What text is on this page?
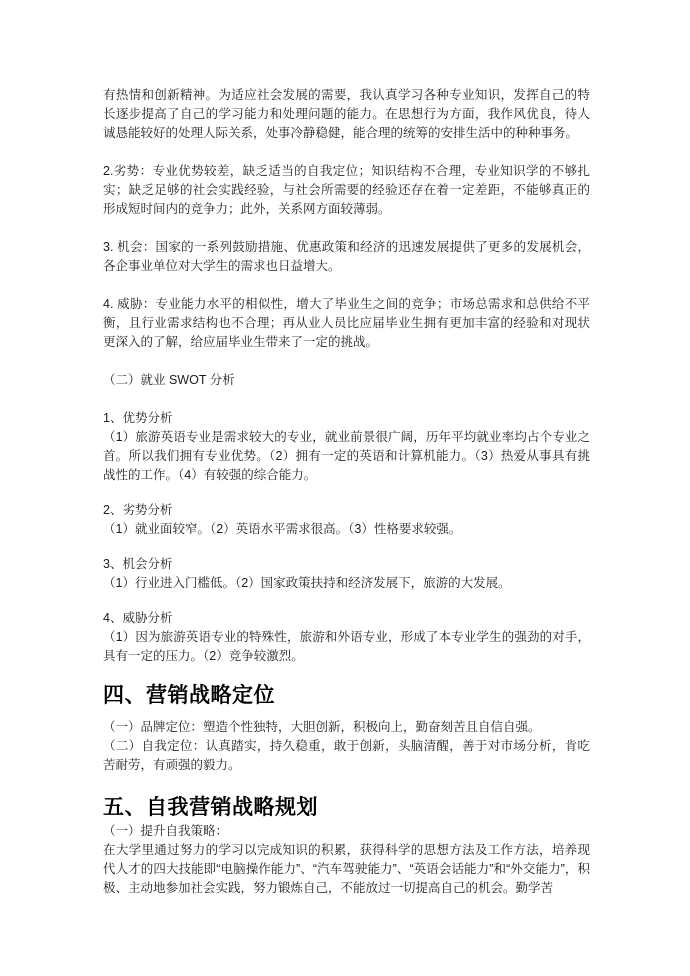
有热情和创新精神。为适应社会发展的需要，我认真学习各种专业知识，发挥自己的特长逐步提高了自己的学习能力和处理问题的能力。在思想行为方面，我作风优良，待人诚恳能较好的处理人际关系，处事冷静稳健，能合理的统筹的安排生活中的种种事务。

2.劣势：专业优势较差，缺乏适当的自我定位；知识结构不合理，专业知识学的不够扎实；缺乏足够的社会实践经验，与社会所需要的经验还存在着一定差距，不能够真正的形成短时间内的竞争力；此外，关系网方面较薄弱。

3. 机会：国家的一系列鼓励措施、优惠政策和经济的迅速发展提供了更多的发展机会，各企事业单位对大学生的需求也日益增大。

4. 威胁：专业能力水平的相似性，增大了毕业生之间的竞争；市场总需求和总供给不平衡，且行业需求结构也不合理；再从业人员比应届毕业生拥有更加丰富的经验和对现状更深入的了解，给应届毕业生带来了一定的挑战。

（二）就业 SWOT 分析

1、优势分析

（1）旅游英语专业是需求较大的专业，就业前景很广阔，历年平均就业率均占个专业之首。所以我们拥有专业优势。（2）拥有一定的英语和计算机能力。（3）热爱从事具有挑战性的工作。（4）有较强的综合能力。

2、劣势分析

（1）就业面较窄。（2）英语水平需求很高。（3）性格要求较强。

3、机会分析

（1）行业进入门槛低。（2）国家政策扶持和经济发展下，旅游的大发展。

4、威胁分析

（1）因为旅游英语专业的特殊性，旅游和外语专业，形成了本专业学生的强劲的对手，具有一定的压力。（2）竞争较激烈。

四、营销战略定位

（一）品牌定位：塑造个性独特，大胆创新，积极向上，勤奋刻苦且自信自强。

（二）自我定位：认真踏实，持久稳重，敢于创新，头脑清醒，善于对市场分析，肯吃苦耐劳，有顽强的毅力。

五、自我营销战略规划

（一）提升自我策略：

在大学里通过努力的学习以完成知识的积累，获得科学的思想方法及工作方法，培养现代人才的四大技能即“电脑操作能力”、“汽车驾驶能力”、“英语会话能力”和“外交能力”，积极、主动地参加社会实践，努力锻炼自己，不能放过一切提高自己的机会。勤学苦
